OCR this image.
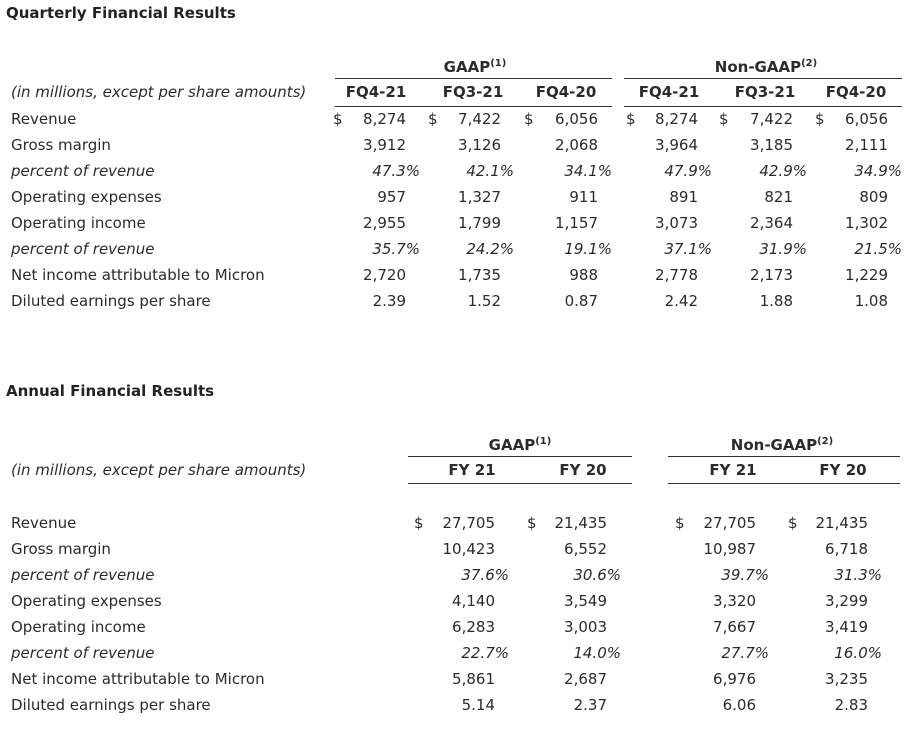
Quarterly Financial Results
GAAP$^{(1)}$	Non-GAAP$^{(2)}$
(in millions, except per share amounts)	FQ4-21	FQ3-21	FQ4-20	FQ4-21	FQ3-21	FQ4-20
Revenue	$	8,274 $	7,422 $	6,056 $	8,274 $	7,422 $	6,056
Gross margin	3,912	3,126	2,068	3,964	3,185	2,111
percent of revenue	47.3%	42.1%	34.1%	47.9%	42.9%	34.9%
Operating expenses	957	1,327	911	891	821	809
Operating income	2,955	1,799	1,157	3,073	2,364	1,302
percent of revenue	35.7%	24.2%	19.1%	37.1%	31.9%	21.5%
Net income attributable to Micron	2,720	1,735	988	2,778	2,173	1,229
Diluted earnings per share	2.39	1.52	0.87	2.42	1.88	1.08
Annual Financial Results
GAAP$^{(1)}$	Non-GAAP$^{(2)}$
(in millions, except per share amounts)	FY 21	FY 20	FY 21	FY 20
Revenue	$	27,705 $	21,435	$	27,705 $	21,435
Gross margin	10,423	6,552	10,987	6,718
percent of revenue	37.6%	30.6%	39.7%	31.3%
Operating expenses	4,140	3,549	3,320	3,299
Operating income	6,283	3,003	7,667	3,419
percent of revenue	22.7%	14.0%	27.7%	16.0%
Net income attributable to Micron	5,861	2,687	6,976	3,235
Diluted earnings per share	5.14	2.37	6.06	2.83
